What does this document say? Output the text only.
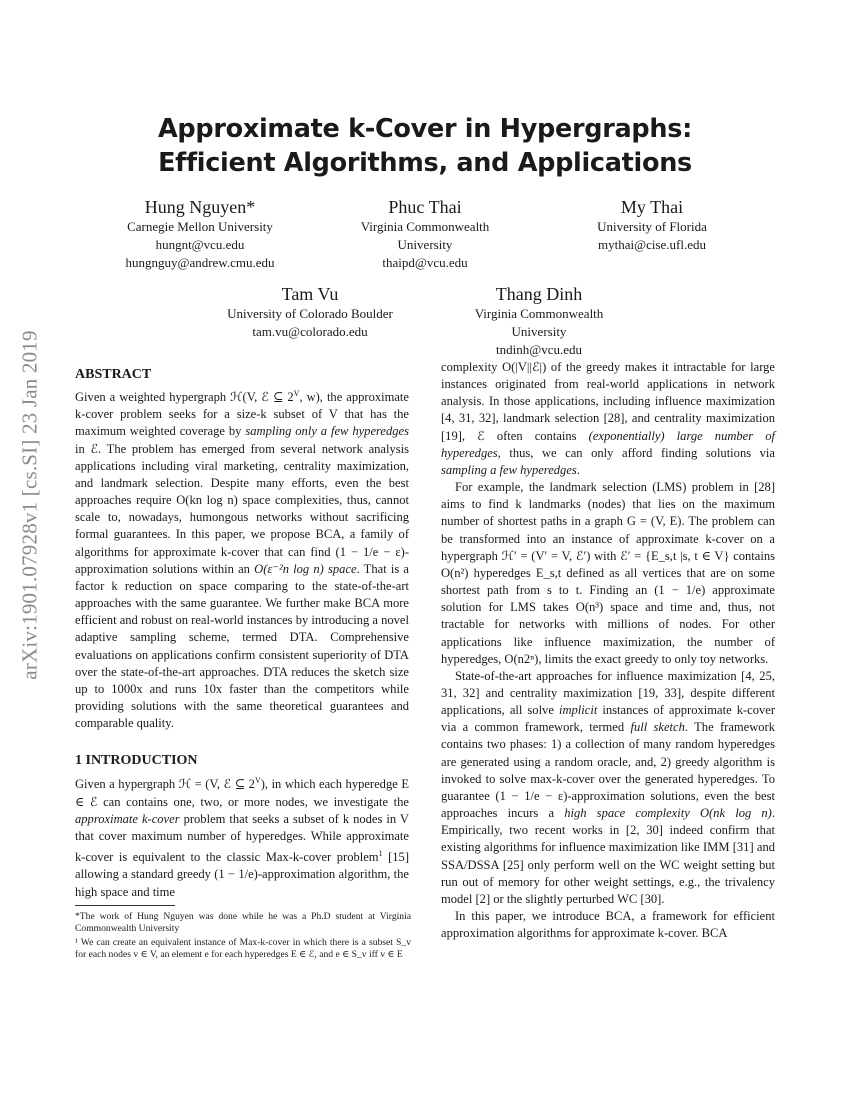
arXiv:1901.07928v1 [cs.SI] 23 Jan 2019
Approximate k-Cover in Hypergraphs:
Efficient Algorithms, and Applications
Hung Nguyen*
Carnegie Mellon University
hungnt@vcu.edu
hungnguy@andrew.cmu.edu
Phuc Thai
Virginia Commonwealth
University
thaipd@vcu.edu
My Thai
University of Florida
mythai@cise.ufl.edu
Tam Vu
University of Colorado Boulder
tam.vu@colorado.edu
Thang Dinh
Virginia Commonwealth
University
tndinh@vcu.edu
ABSTRACT

Given a weighted hypergraph ℋ(V, ℰ ⊆ $2^V$, w), the approximate k-cover problem seeks for a size-k subset of V that has the maximum weighted coverage by sampling only a few hyperedges in ℰ. The problem has emerged from several network analysis applications including viral marketing, centrality maximization, and landmark selection. Despite many efforts, even the best approaches require O(kn log n) space complexities, thus, cannot scale to, nowadays, humongous networks without sacrificing formal guarantees. In this paper, we propose BCA, a family of algorithms for approximate k-cover that can find (1 − 1/e − ε)-approximation solutions within an O(ε⁻²n log n) space. That is a factor k reduction on space comparing to the state-of-the-art approaches with the same guarantee. We further make BCA more efficient and robust on real-world instances by introducing a novel adaptive sampling scheme, termed DTA. Comprehensive evaluations on applications confirm consistent superiority of DTA over the state-of-the-art approaches. DTA reduces the sketch size up to 1000x and runs 10x faster than the competitors while providing solutions with the same theoretical guarantees and comparable quality.

1 INTRODUCTION

Given a hypergraph ℋ = (V, ℰ ⊆ $2^V$), in which each hyperedge E ∈ ℰ can contains one, two, or more nodes, we investigate the approximate k-cover problem that seeks a subset of k nodes in V that cover maximum number of hyperedges. While approximate k-cover is equivalent to the classic Max-k-cover problem$^1$ [15] allowing a standard greedy (1 − 1/e)-approximation algorithm, the high space and time

*The work of Hung Nguyen was done while he was a Ph.D student at Virginia Commonwealth University
¹ We can create an equivalent instance of Max-k-cover in which there is a subset S_v for each nodes v ∈ V, an element e for each hyperedges E ∈ ℰ, and e ∈ S_v iff v ∈ E

complexity O(|V||ℰ|) of the greedy makes it intractable for large instances originated from real-world applications in network analysis. In those applications, including influence maximization [4, 31, 32], landmark selection [28], and centrality maximization [19], ℰ often contains (exponentially) large number of hyperedges, thus, we can only afford finding solutions via sampling a few hyperedges.

For example, the landmark selection (LMS) problem in [28] aims to find k landmarks (nodes) that lies on the maximum number of shortest paths in a graph G = (V, E). The problem can be transformed into an instance of approximate k-cover on a hypergraph ℋ′ = (V′ = V, ℰ′) with ℰ′ = {E_s,t |s, t ∈ V} contains O(n²) hyperedges E_s,t defined as all vertices that are on some shortest path from s to t. Finding an (1 − 1/e) approximate solution for LMS takes O(n³) space and time and, thus, not tractable for networks with millions of nodes. For other applications like influence maximization, the number of hyperedges, O(n2ⁿ), limits the exact greedy to only toy networks.

State-of-the-art approaches for influence maximization [4, 25, 31, 32] and centrality maximization [19, 33], despite different applications, all solve implicit instances of approximate k-cover via a common framework, termed full sketch. The framework contains two phases: 1) a collection of many random hyperedges are generated using a random oracle, and, 2) greedy algorithm is invoked to solve max-k-cover over the generated hyperedges. To guarantee (1 − 1/e − ε)-approximation solutions, even the best approaches incurs a high space complexity O(nk log n). Empirically, two recent works in [2, 30] indeed confirm that existing algorithms for influence maximization like IMM [31] and SSA/DSSA [25] only perform well on the WC weight setting but run out of memory for other weight settings, e.g., the trivalency model [2] or the slightly perturbed WC [30].

In this paper, we introduce BCA, a framework for efficient approximation algorithms for approximate k-cover. BCA
